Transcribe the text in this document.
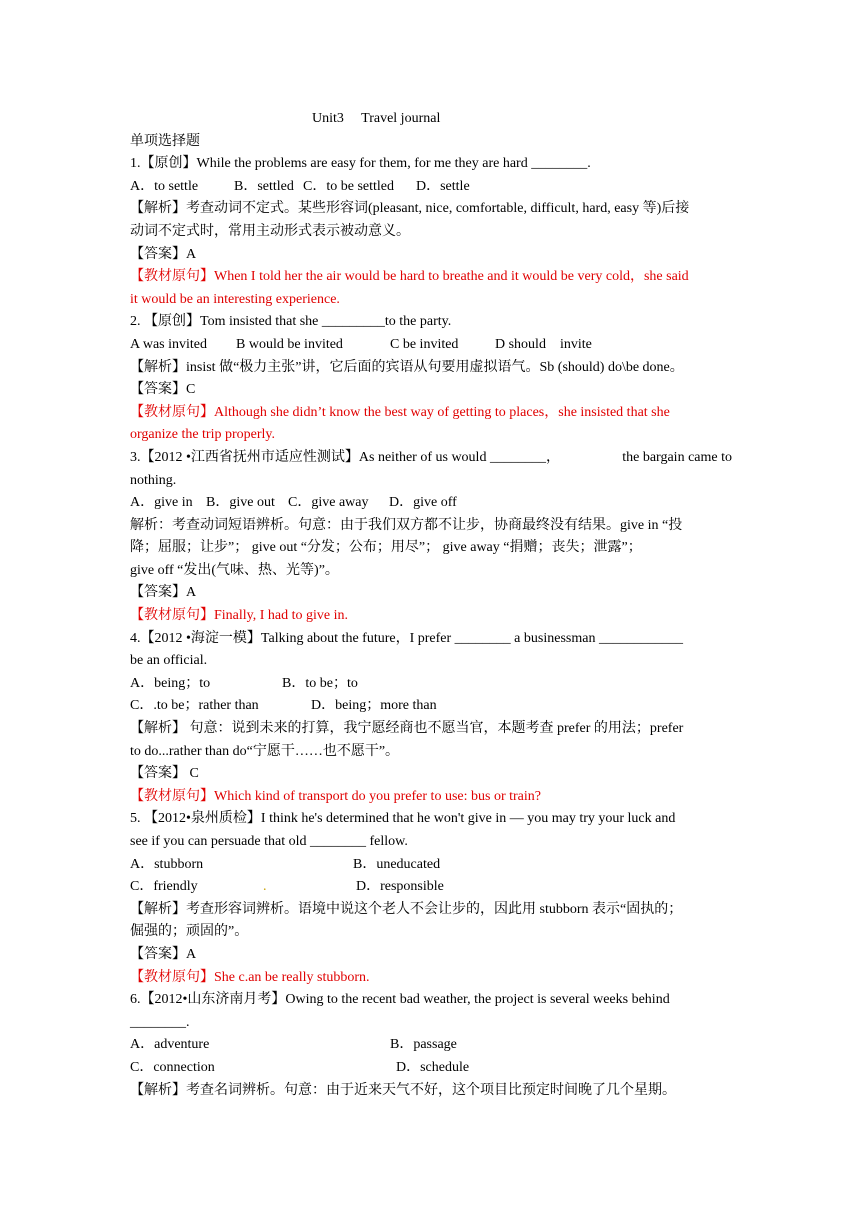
Unit3　 Travel journal
单项选择题
1.【原创】While the problems are easy for them, for me they are hard ________.
A．to settle	B．settled C．to be settled D．settle
【解析】考查动词不定式。某些形容词(pleasant, nice, comfortable, difficult, hard, easy 等)后接
动词不定式时，常用主动形式表示被动意义。
【答案】A
【教材原句】When I told her the air would be hard to breathe and it would be very cold，she said
it would be an interesting experience.
2. 【原创】Tom insisted that she _________to the party.
A was invited B would be invited	C be invited	D should　invite
【解析】insist 做“极力主张”讲，它后面的宾语从句要用虚拟语气。Sb (should) do\be done。
【答案】C
【教材原句】Although she didn’t know the best way of getting to places，she insisted that she
organize the trip properly.
3.【2012 •江西省抚州市适应性测试】As neither of us would ________，	the bargain came to
nothing.
A．give in B．give out C．give away D．give off
解析：考查动词短语辨析。句意：由于我们双方都不让步，协商最终没有结果。give in “投
降；屈服；让步”； give out “分发；公布；用尽”； give away “捐赠；丧失；泄露”；
give off “发出(气味、热、光等)”。
【答案】A
【教材原句】Finally, I had to give in.
4.【2012 •海淀一模】Talking about the future，I prefer ________ a businessman ____________
be an official.
A．being；to	B．to be；to
C．.to be；rather than	D．being；more than
【解析】 句意：说到未来的打算，我宁愿经商也不愿当官，本题考查 prefer 的用法；prefer
to do...rather than do“宁愿干……也不愿干”。
【答案】 C
【教材原句】Which kind of transport do you prefer to use: bus or train?
5. 【2012•泉州质检】I think he's determined that he won't give in — you may try your luck and
see if you can persuade that old ________ fellow.
A．stubborn	B．uneducated
C．friendly	.	D．responsible
【解析】考查形容词辨析。语境中说这个老人不会让步的，因此用 stubborn 表示“固执的；
倔强的；顽固的”。
【答案】A
【教材原句】She c.an be really stubborn.
6.【2012•山东济南月考】Owing to the recent bad weather, the project is several weeks behind
________.
A．adventure	B．passage
C．connection	D．schedule
【解析】考查名词辨析。句意：由于近来天气不好，这个项目比预定时间晚了几个星期。
